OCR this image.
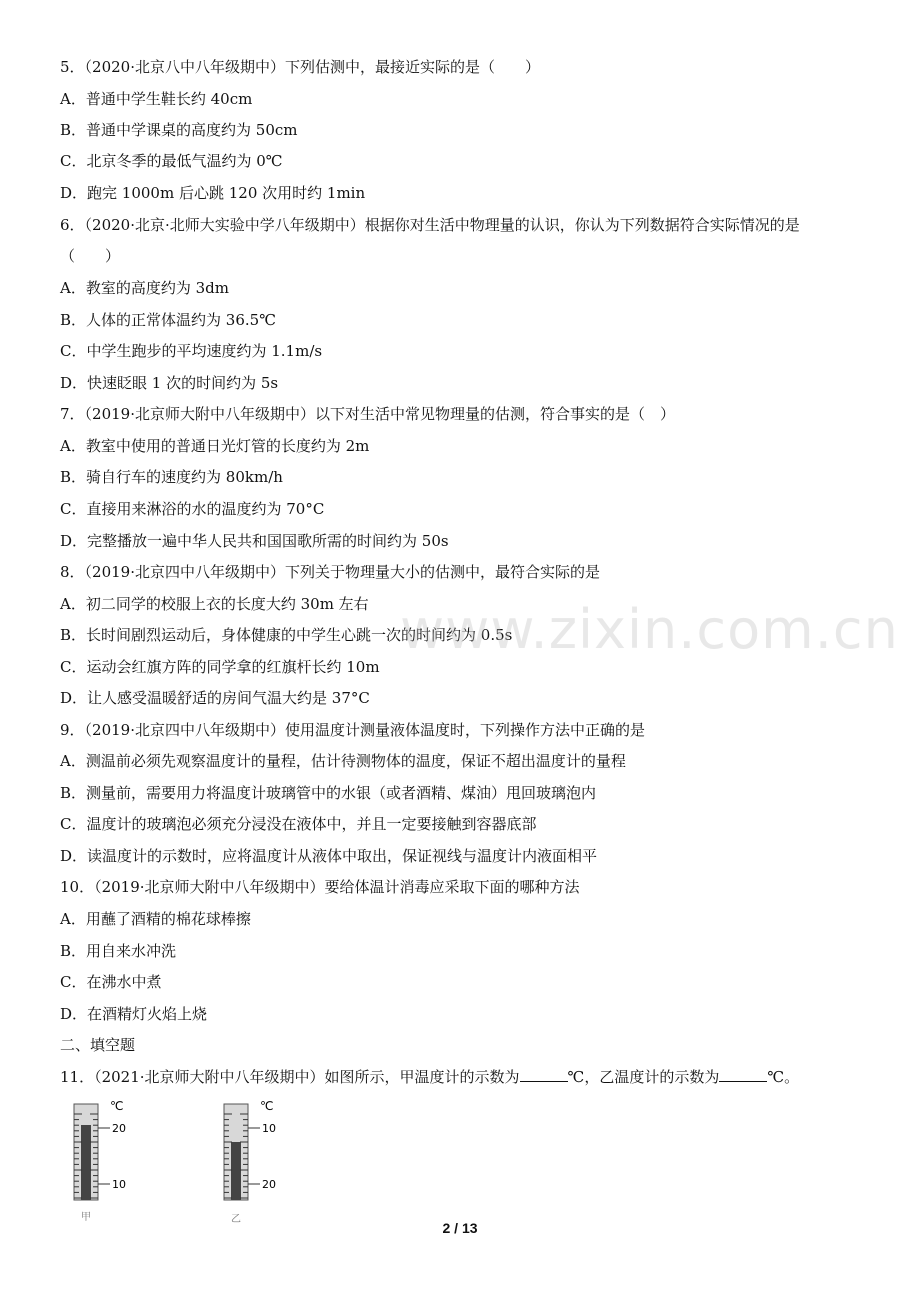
5．（2020·北京八中八年级期中）下列估测中，最接近实际的是（　　）
A．普通中学生鞋长约 40cm
B．普通中学课桌的高度约为 50cm
C．北京冬季的最低气温约为 0℃
D．跑完 1000m 后心跳 120 次用时约 1min
6．（2020·北京·北师大实验中学八年级期中）根据你对生活中物理量的认识，你认为下列数据符合实际情况的是
（　　）
A．教室的高度约为 3dm
B．人体的正常体温约为 36.5℃
C．中学生跑步的平均速度约为 1.1m/s
D．快速眨眼 1 次的时间约为 5s
7．（2019·北京师大附中八年级期中）以下对生活中常见物理量的估测，符合事实的是（　）
A．教室中使用的普通日光灯管的长度约为 2m
B．骑自行车的速度约为 80km/h
C．直接用来淋浴的水的温度约为 70°C
D．完整播放一遍中华人民共和国国歌所需的时间约为 50s
8．（2019·北京四中八年级期中）下列关于物理量大小的估测中，最符合实际的是
A．初二同学的校服上衣的长度大约 30m 左右
B．长时间剧烈运动后，身体健康的中学生心跳一次的时间约为 0.5s
C．运动会红旗方阵的同学拿的红旗杆长约 10m
D．让人感受温暖舒适的房间气温大约是 37°C
9．（2019·北京四中八年级期中）使用温度计测量液体温度时，下列操作方法中正确的是
A．测温前必须先观察温度计的量程，估计待测物体的温度，保证不超出温度计的量程
B．测量前，需要用力将温度计玻璃管中的水银（或者酒精、煤油）甩回玻璃泡内
C．温度计的玻璃泡必须充分浸没在液体中，并且一定要接触到容器底部
D．读温度计的示数时，应将温度计从液体中取出，保证视线与温度计内液面相平
10．（2019·北京师大附中八年级期中）要给体温计消毒应采取下面的哪种方法
A．用蘸了酒精的棉花球棒擦
B．用自来水冲洗
C．在沸水中煮
D．在酒精灯火焰上烧
二、填空题
11．（2021·北京师大附中八年级期中）如图所示，甲温度计的示数为	℃，乙温度计的示数为	℃。
℃
20
10
甲
℃
10
20
乙
www.zixin.com.cn
2 / 13
